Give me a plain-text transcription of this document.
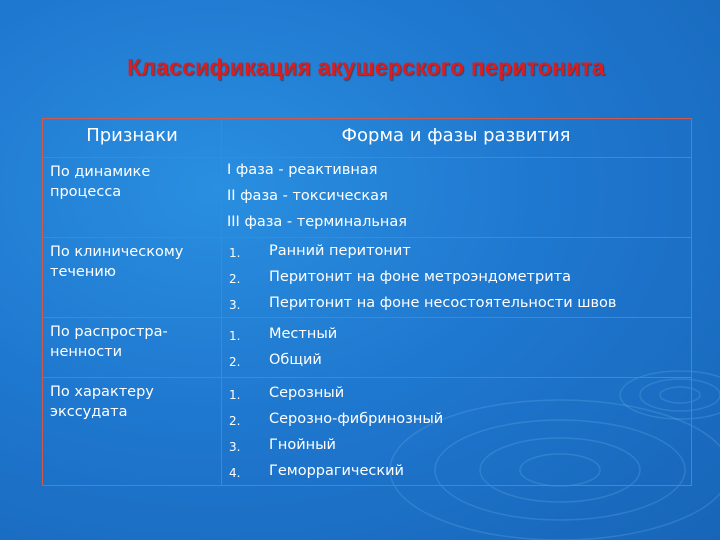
Классификация акушерского перитонита
Признаки	Форма и фазы развития
По динамике
процесса
I фаза - реактивная
II фаза - токсическая
III фаза - терминальная
По клиническому
течению
1. Ранний перитонит
2. Перитонит на фоне метроэндометрита
3. Перитонит на фоне несостоятельности швов
По распростра-
ненности
1. Местный
2. Общий
По характеру
экссудата
1. Серозный
2. Серозно-фибринозный
3. Гнойный
4. Геморрагический
